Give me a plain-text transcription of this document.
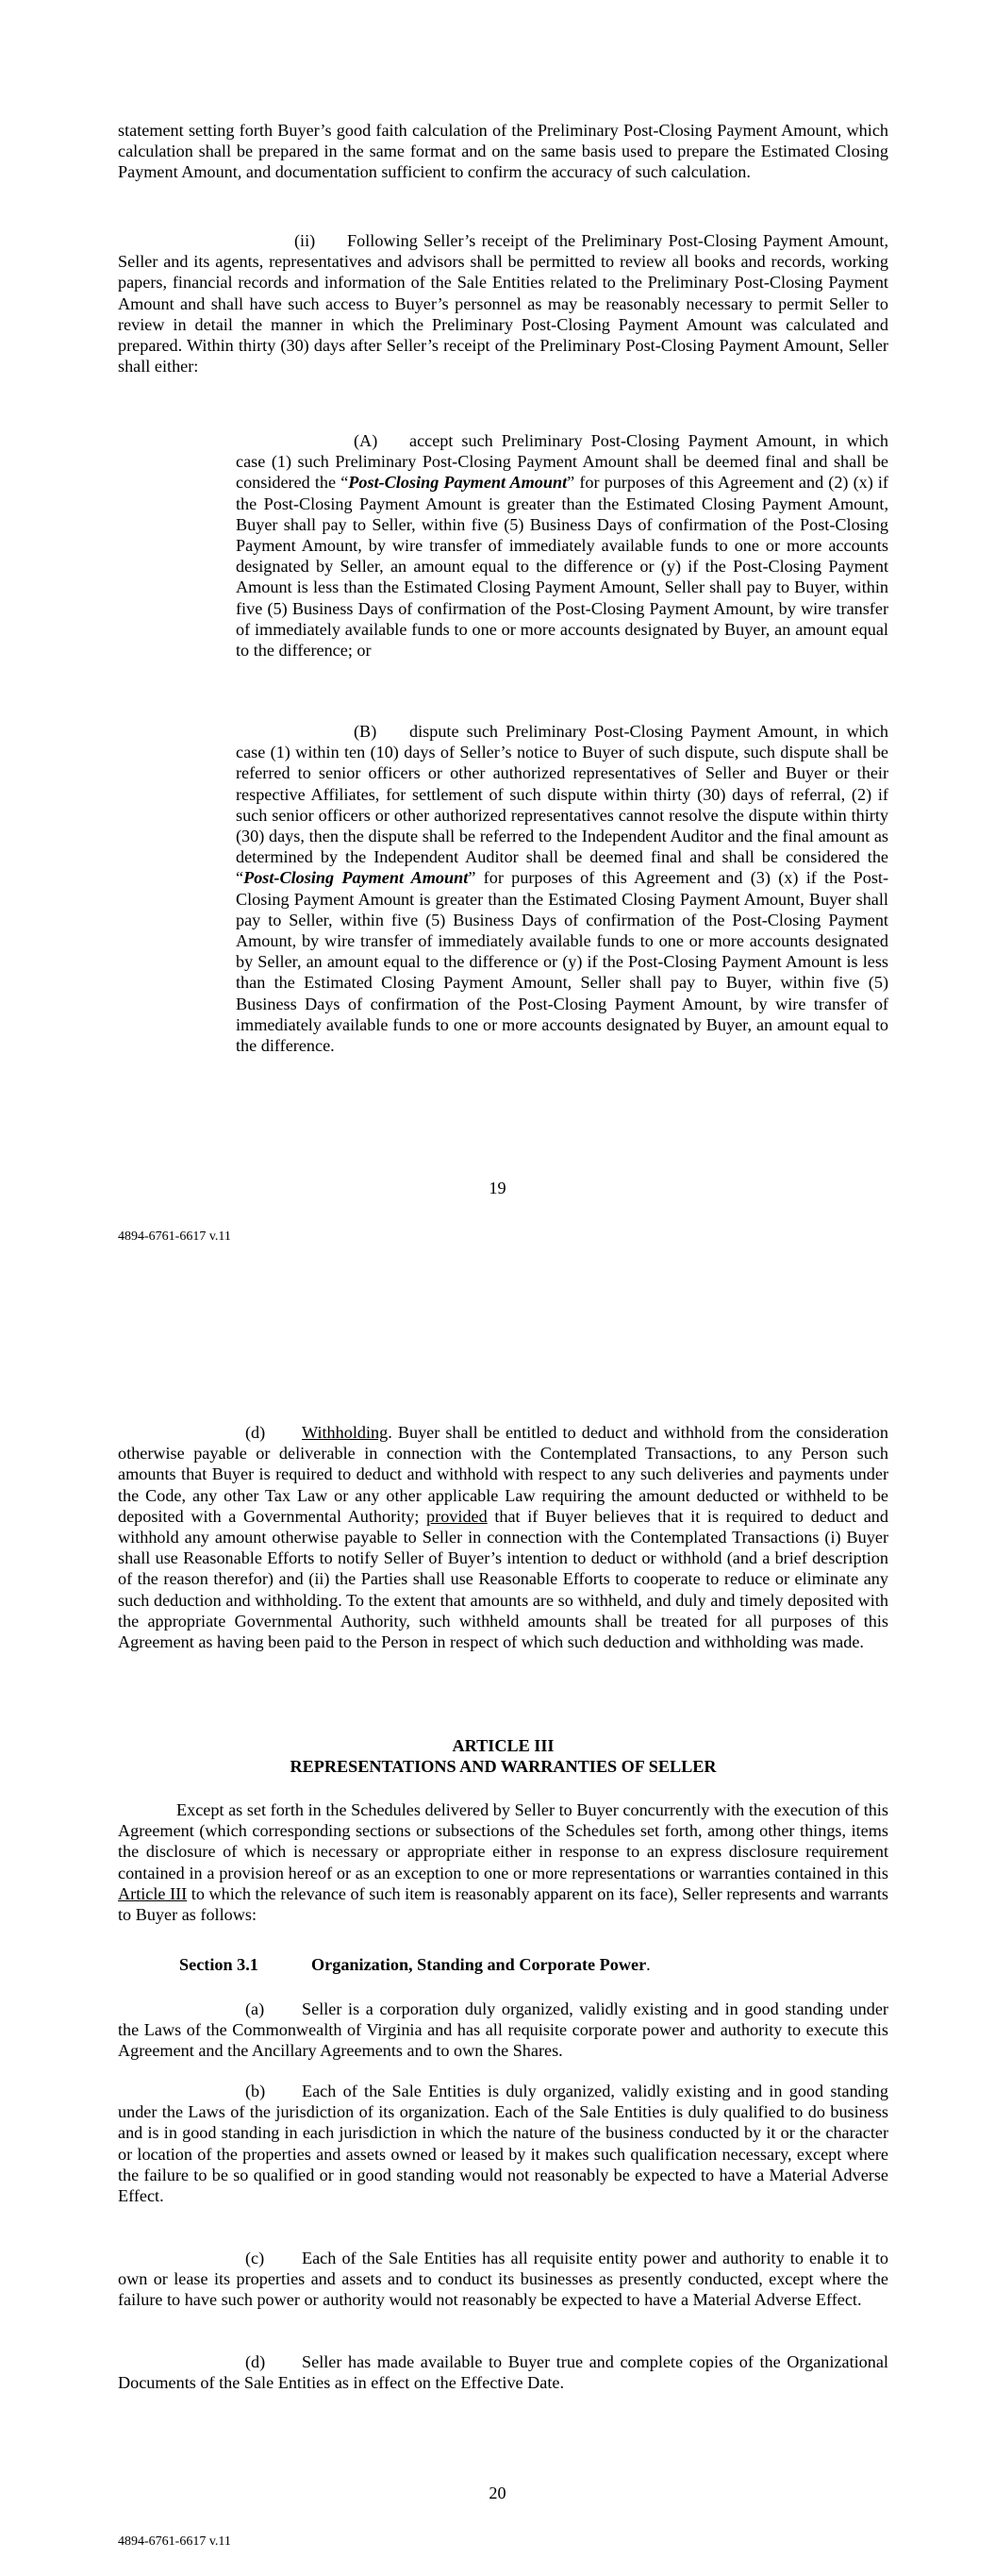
statement setting forth Buyer’s good faith calculation of the Preliminary Post-Closing Payment Amount, which calculation shall be prepared in the same format and on the same basis used to prepare the Estimated Closing Payment Amount, and documentation sufficient to confirm the accuracy of such calculation.

(ii) Following Seller’s receipt of the Preliminary Post-Closing Payment Amount, Seller and its agents, representatives and advisors shall be permitted to review all books and records, working papers, financial records and information of the Sale Entities related to the Preliminary Post-Closing Payment Amount and shall have such access to Buyer’s personnel as may be reasonably necessary to permit Seller to review in detail the manner in which the Preliminary Post-Closing Payment Amount was calculated and prepared. Within thirty (30) days after Seller’s receipt of the Preliminary Post-Closing Payment Amount, Seller shall either:

(A) accept such Preliminary Post-Closing Payment Amount, in which case (1) such Preliminary Post-Closing Payment Amount shall be deemed final and shall be considered the “Post-Closing Payment Amount” for purposes of this Agreement and (2) (x) if the Post-Closing Payment Amount is greater than the Estimated Closing Payment Amount, Buyer shall pay to Seller, within five (5) Business Days of confirmation of the Post-Closing Payment Amount, by wire transfer of immediately available funds to one or more accounts designated by Seller, an amount equal to the difference or (y) if the Post-Closing Payment Amount is less than the Estimated Closing Payment Amount, Seller shall pay to Buyer, within five (5) Business Days of confirmation of the Post-Closing Payment Amount, by wire transfer of immediately available funds to one or more accounts designated by Buyer, an amount equal to the difference; or

(B) dispute such Preliminary Post-Closing Payment Amount, in which case (1) within ten (10) days of Seller’s notice to Buyer of such dispute, such dispute shall be referred to senior officers or other authorized representatives of Seller and Buyer or their respective Affiliates, for settlement of such dispute within thirty (30) days of referral, (2) if such senior officers or other authorized representatives cannot resolve the dispute within thirty (30) days, then the dispute shall be referred to the Independent Auditor and the final amount as determined by the Independent Auditor shall be deemed final and shall be considered the “Post-Closing Payment Amount” for purposes of this Agreement and (3) (x) if the Post-Closing Payment Amount is greater than the Estimated Closing Payment Amount, Buyer shall pay to Seller, within five (5) Business Days of confirmation of the Post-Closing Payment Amount, by wire transfer of immediately available funds to one or more accounts designated by Seller, an amount equal to the difference or (y) if the Post-Closing Payment Amount is less than the Estimated Closing Payment Amount, Seller shall pay to Buyer, within five (5) Business Days of confirmation of the Post-Closing Payment Amount, by wire transfer of immediately available funds to one or more accounts designated by Buyer, an amount equal to the difference.

19
4894-6761-6617 v.11

(d) Withholding. Buyer shall be entitled to deduct and withhold from the consideration otherwise payable or deliverable in connection with the Contemplated Transactions, to any Person such amounts that Buyer is required to deduct and withhold with respect to any such deliveries and payments under the Code, any other Tax Law or any other applicable Law requiring the amount deducted or withheld to be deposited with a Governmental Authority; provided that if Buyer believes that it is required to deduct and withhold any amount otherwise payable to Seller in connection with the Contemplated Transactions (i) Buyer shall use Reasonable Efforts to notify Seller of Buyer’s intention to deduct or withhold (and a brief description of the reason therefor) and (ii) the Parties shall use Reasonable Efforts to cooperate to reduce or eliminate any such deduction and withholding. To the extent that amounts are so withheld, and duly and timely deposited with the appropriate Governmental Authority, such withheld amounts shall be treated for all purposes of this Agreement as having been paid to the Person in respect of which such deduction and withholding was made.

ARTICLE III
REPRESENTATIONS AND WARRANTIES OF SELLER

Except as set forth in the Schedules delivered by Seller to Buyer concurrently with the execution of this Agreement (which corresponding sections or subsections of the Schedules set forth, among other things, items the disclosure of which is necessary or appropriate either in response to an express disclosure requirement contained in a provision hereof or as an exception to one or more representations or warranties contained in this Article III to which the relevance of such item is reasonably apparent on its face), Seller represents and warrants to Buyer as follows:

Section 3.1	Organization, Standing and Corporate Power.

(a) Seller is a corporation duly organized, validly existing and in good standing under the Laws of the Commonwealth of Virginia and has all requisite corporate power and authority to execute this Agreement and the Ancillary Agreements and to own the Shares.

(b) Each of the Sale Entities is duly organized, validly existing and in good standing under the Laws of the jurisdiction of its organization. Each of the Sale Entities is duly qualified to do business and is in good standing in each jurisdiction in which the nature of the business conducted by it or the character or location of the properties and assets owned or leased by it makes such qualification necessary, except where the failure to be so qualified or in good standing would not reasonably be expected to have a Material Adverse Effect.

(c) Each of the Sale Entities has all requisite entity power and authority to enable it to own or lease its properties and assets and to conduct its businesses as presently conducted, except where the failure to have such power or authority would not reasonably be expected to have a Material Adverse Effect.

(d) Seller has made available to Buyer true and complete copies of the Organizational Documents of the Sale Entities as in effect on the Effective Date.

20
4894-6761-6617 v.11
